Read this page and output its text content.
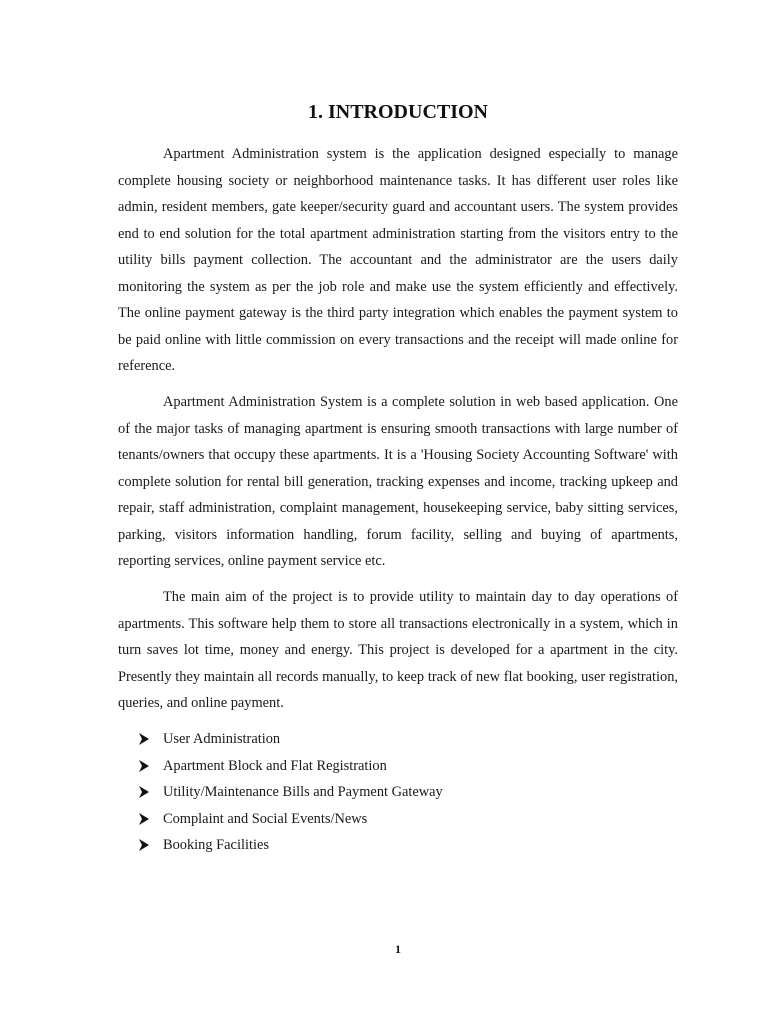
1. INTRODUCTION

Apartment Administration system is the application designed especially to manage complete housing society or neighborhood maintenance tasks. It has different user roles like admin, resident members, gate keeper/security guard and accountant users. The system provides end to end solution for the total apartment administration starting from the visitors entry to the utility bills payment collection. The accountant and the administrator are the users daily monitoring the system as per the job role and make use the system efficiently and effectively. The online payment gateway is the third party integration which enables the payment system to be paid online with little commission on every transactions and the receipt will made online for reference.

Apartment Administration System is a complete solution in web based application. One of the major tasks of managing apartment is ensuring smooth transactions with large number of tenants/owners that occupy these apartments. It is a 'Housing Society Accounting Software' with complete solution for rental bill generation, tracking expenses and income, tracking upkeep and repair, staff administration, complaint management, housekeeping service, baby sitting services, parking, visitors information handling, forum facility, selling and buying of apartments, reporting services, online payment service etc.

The main aim of the project is to provide utility to maintain day to day operations of apartments. This software help them to store all transactions electronically in a system, which in turn saves lot time, money and energy. This project is developed for a apartment in the city. Presently they maintain all records manually, to keep track of new flat booking, user registration, queries, and online payment.

User Administration
Apartment Block and Flat Registration
Utility/Maintenance Bills and Payment Gateway
Complaint and Social Events/News
Booking Facilities
1
